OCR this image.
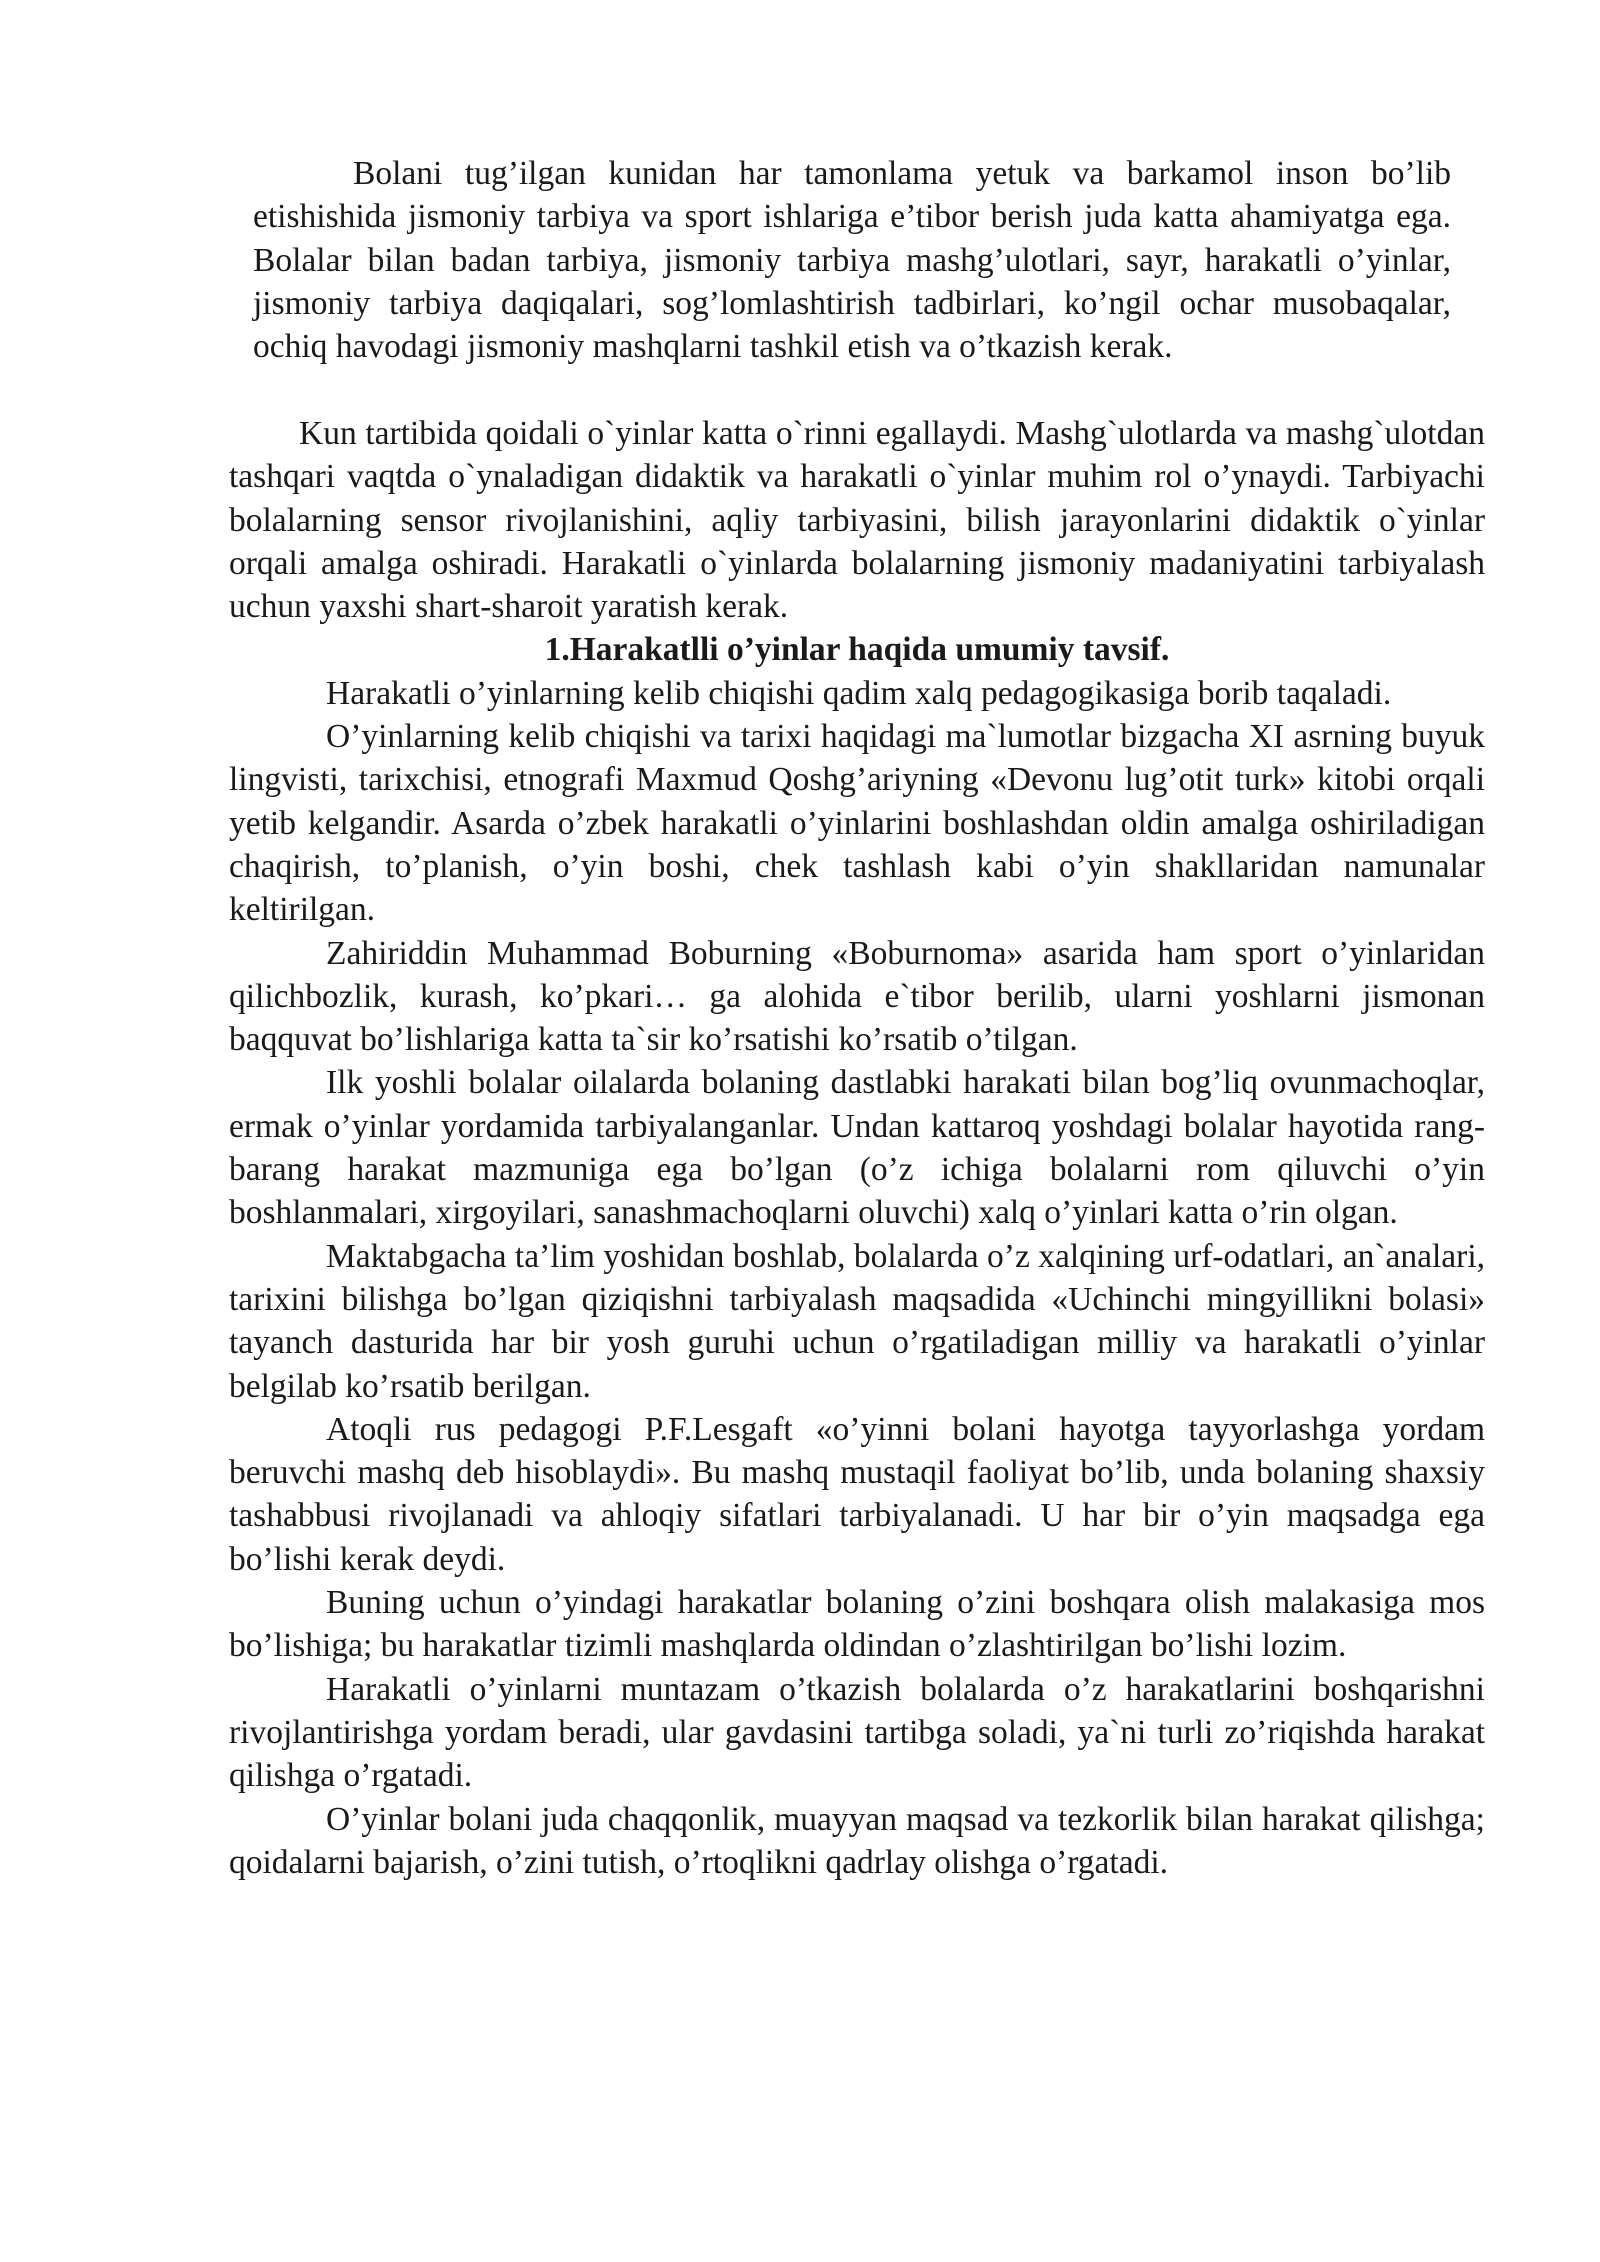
Bolani tug’ilgan kunidan har tamonlama yetuk va barkamol inson bo’lib etishishida jismoniy tarbiya va sport ishlariga e’tibor berish juda katta ahamiyatga ega. Bolalar bilan badan tarbiya, jismoniy tarbiya mashg’ulotlari, sayr, harakatli o’yinlar, jismoniy tarbiya daqiqalari, sog’lomlashtirish tadbirlari, ko’ngil ochar musobaqalar, ochiq havodagi jismoniy mashqlarni tashkil etish va o’tkazish kerak.

Kun tartibida qoidali o`yinlar katta o`rinni egallaydi. Mashg`ulotlarda va mashg`ulotdan tashqari vaqtda o`ynaladigan didaktik va harakatli o`yinlar muhim rol o’ynaydi. Tarbiyachi bolalarning sensor rivojlanishini, aqliy tarbiyasini, bilish jarayonlarini didaktik o`yinlar orqali amalga oshiradi. Harakatli o`yinlarda bolalarning jismoniy madaniyatini tarbiyalash uchun yaxshi shart-sharoit yaratish kerak.

1.Harakatlli o’yinlar haqida umumiy tavsif.

Harakatli o’yinlarning kelib chiqishi qadim xalq pedagogikasiga borib taqaladi.

O’yinlarning kelib chiqishi va tarixi haqidagi ma`lumotlar bizgacha XI asrning buyuk lingvisti, tarixchisi, etnografi Maxmud Qoshg’ariyning «Devonu lug’otit turk» kitobi orqali yetib kelgandir. Asarda o’zbek harakatli o’yinlarini boshlashdan oldin amalga oshiriladigan chaqirish, to’planish, o’yin boshi, chek tashlash kabi o’yin shakllaridan namunalar keltirilgan.

Zahiriddin Muhammad Boburning «Boburnoma» asarida ham sport o’yinlaridan qilichbozlik, kurash, ko’pkari… ga alohida e`tibor berilib, ularni yoshlarni jismonan baqquvat bo’lishlariga katta ta`sir ko’rsatishi ko’rsatib o’tilgan.

Ilk yoshli bolalar oilalarda bolaning dastlabki harakati bilan bog’liq ovunmachoqlar, ermak o’yinlar yordamida tarbiyalanganlar. Undan kattaroq yoshdagi bolalar hayotida rang-barang harakat mazmuniga ega bo’lgan (o’z ichiga bolalarni rom qiluvchi o’yin boshlanmalari, xirgoyilari, sanashmachoqlarni oluvchi) xalq o’yinlari katta o’rin olgan.

Maktabgacha ta’lim yoshidan boshlab, bolalarda o’z xalqining urf-odatlari, an`analari, tarixini bilishga bo’lgan qiziqishni tarbiyalash maqsadida «Uchinchi mingyillikni bolasi» tayanch dasturida har bir yosh guruhi uchun o’rgatiladigan milliy va harakatli o’yinlar belgilab ko’rsatib berilgan.

Atoqli rus pedagogi P.F.Lesgaft «o’yinni bolani hayotga tayyorlashga yordam beruvchi mashq deb hisoblaydi». Bu mashq mustaqil faoliyat bo’lib, unda bolaning shaxsiy tashabbusi rivojlanadi va ahloqiy sifatlari tarbiyalanadi. U har bir o’yin maqsadga ega bo’lishi kerak deydi.

Buning uchun o’yindagi harakatlar bolaning o’zini boshqara olish malakasiga mos bo’lishiga; bu harakatlar tizimli mashqlarda oldindan o’zlashtirilgan bo’lishi lozim.

Harakatli o’yinlarni muntazam o’tkazish bolalarda o’z harakatlarini boshqarishni rivojlantirishga yordam beradi, ular gavdasini tartibga soladi, ya`ni turli zo’riqishda harakat qilishga o’rgatadi.

O’yinlar bolani juda chaqqonlik, muayyan maqsad va tezkorlik bilan harakat qilishga; qoidalarni bajarish, o’zini tutish, o’rtoqlikni qadrlay olishga o’rgatadi.
